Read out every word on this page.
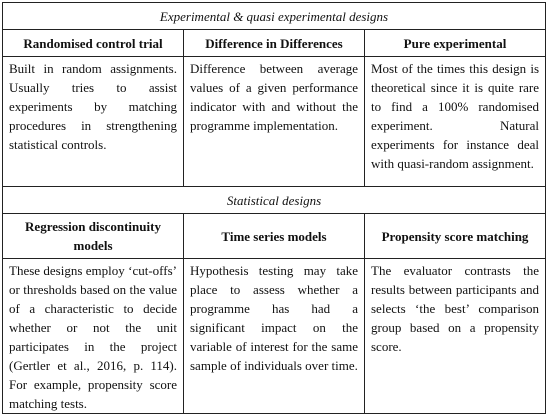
Experimental & quasi experimental designs		
Randomised control trial	Difference in Differences	Pure experimental
Built in random assignments. Usually tries to assist experiments by matching procedures in strengthening statistical controls.	Difference between average values of a given performance indicator with and without the programme implementation.	Most of the times this design is theoretical since it is quite rare to find a 100% randomised experiment. Natural experiments for instance deal with quasi-random assignment.
Statistical designs		
Regression discontinuity models	Time series models	Propensity score matching
These designs employ ‘cut-offs’ or thresholds based on the value of a characteristic to decide whether or not the unit participates in the project (Gertler et al., 2016, p. 114). For example, propensity score matching tests.	Hypothesis testing may take place to assess whether a programme has had a significant impact on the variable of interest for the same sample of individuals over time.	The evaluator contrasts the results between participants and selects ‘the best’ comparison group based on a propensity score.
